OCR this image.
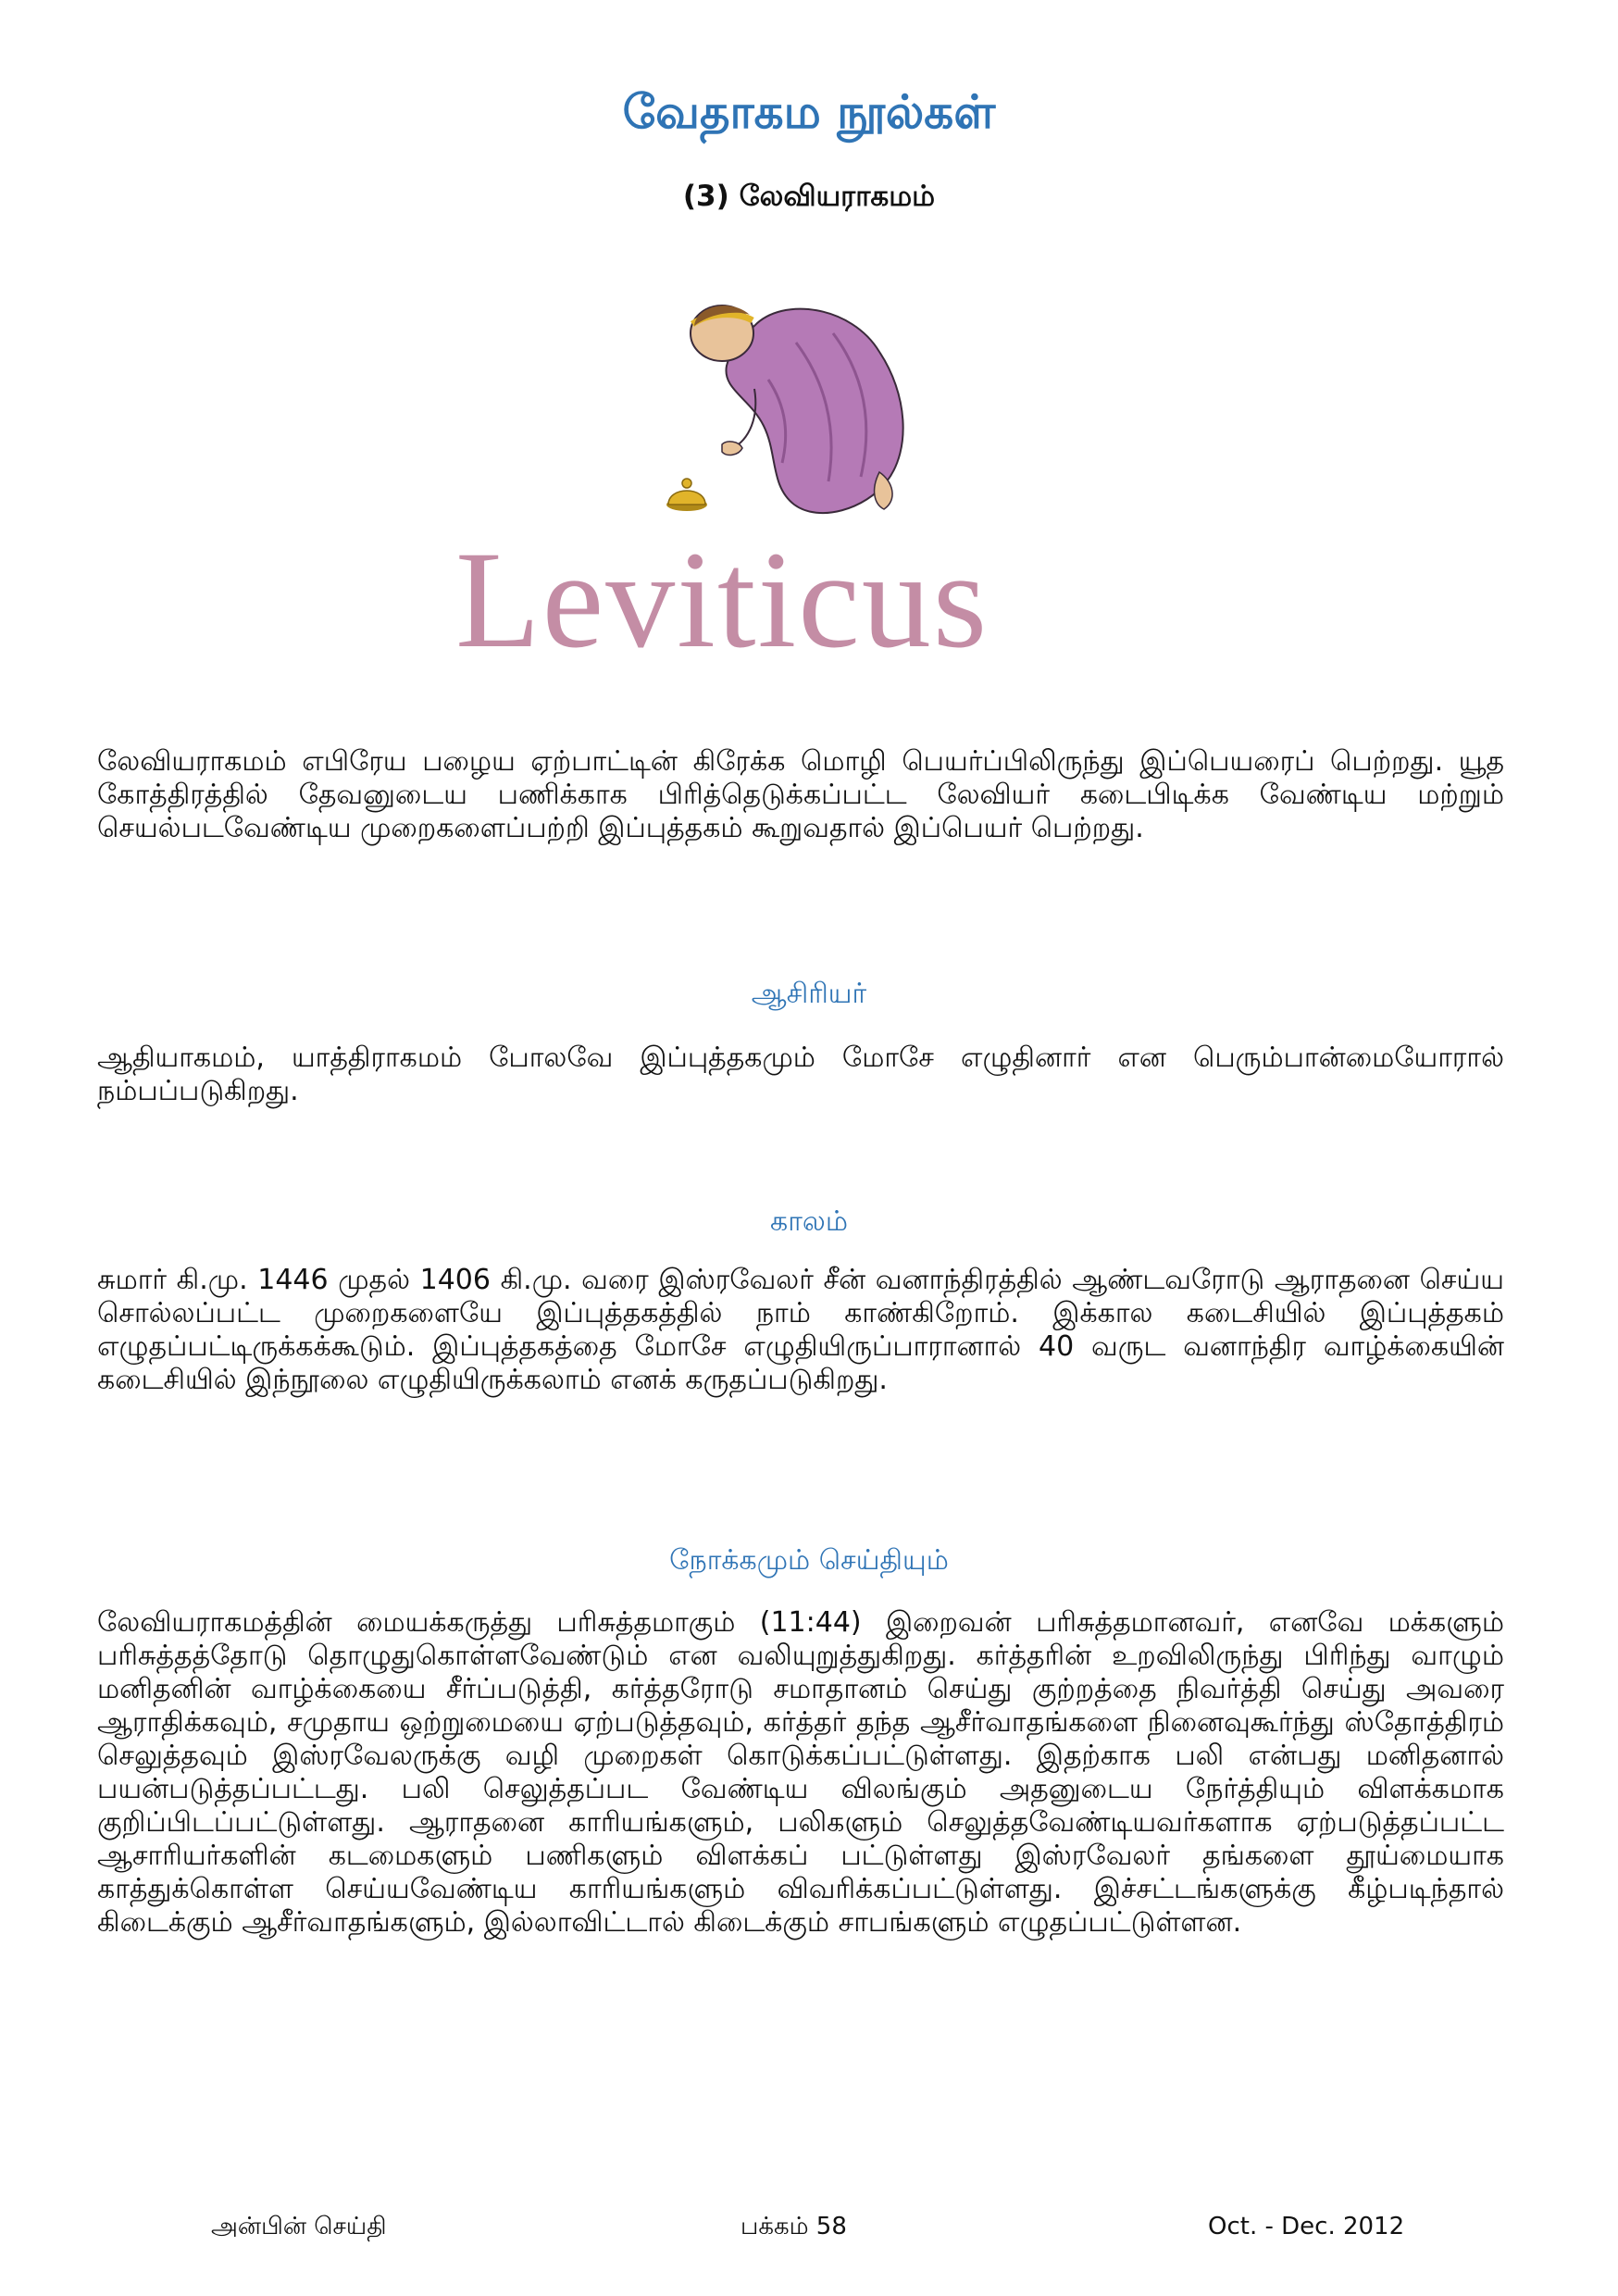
வேதாகம நூல்கள்
(3) லேவியராகமம்
Leviticus
லேவியராகமம் எபிரேய பழைய ஏற்பாட்டின் கிரேக்க மொழி பெயர்ப்பிலிருந்து இப்பெயரைப் பெற்றது. யூத கோத்திரத்தில் தேவனுடைய பணிக்காக பிரித்தெடுக்கப்பட்ட லேவியர் கடைபிடிக்க வேண்டிய மற்றும் செயல்படவேண்டிய முறைகளைப்பற்றி இப்புத்தகம் கூறுவதால் இப்பெயர் பெற்றது.
ஆசிரியர்
ஆதியாகமம், யாத்திராகமம் போலவே இப்புத்தகமும் மோசே எழுதினார் என பெரும்பான்மையோரால் நம்பப்படுகிறது.
காலம்
சுமார் கி.மு. 1446 முதல் 1406 கி.மு. வரை இஸ்ரவேலர் சீன் வனாந்திரத்தில் ஆண்டவரோடு ஆராதனை செய்ய சொல்லப்பட்ட முறைகளையே இப்புத்தகத்தில் நாம் காண்கிறோம். இக்கால கடைசியில் இப்புத்தகம் எழுதப்பட்டிருக்கக்கூடும். இப்புத்தகத்தை மோசே எழுதியிருப்பாரானால் 40 வருட வனாந்திர வாழ்க்கையின் கடைசியில் இந்நூலை எழுதியிருக்கலாம் எனக் கருதப்படுகிறது.
நோக்கமும் செய்தியும்
லேவியராகமத்தின் மையக்கருத்து பரிசுத்தமாகும் (11:44) இறைவன் பரிசுத்தமானவர், எனவே மக்களும் பரிசுத்தத்தோடு தொழுதுகொள்ளவேண்டும் என வலியுறுத்துகிறது. கர்த்தரின் உறவிலிருந்து பிரிந்து வாழும் மனிதனின் வாழ்க்கையை சீர்ப்படுத்தி, கர்த்தரோடு சமாதானம் செய்து குற்றத்தை நிவர்த்தி செய்து அவரை ஆராதிக்கவும், சமுதாய ஒற்றுமையை ஏற்படுத்தவும், கர்த்தர் தந்த ஆசீர்வாதங்களை நினைவுகூர்ந்து ஸ்தோத்திரம் செலுத்தவும் இஸ்ரவேலருக்கு வழி முறைகள் கொடுக்கப்பட்டுள்ளது. இதற்காக பலி என்பது மனிதனால் பயன்படுத்தப்பட்டது. பலி செலுத்தப்பட வேண்டிய விலங்கும் அதனுடைய நேர்த்தியும் விளக்கமாக குறிப்பிடப்பட்டுள்ளது. ஆராதனை காரியங்களும், பலிகளும் செலுத்தவேண்டியவர்களாக ஏற்படுத்தப்பட்ட ஆசாரியர்களின் கடமைகளும் பணிகளும் விளக்கப் பட்டுள்ளது இஸ்ரவேலர் தங்களை தூய்மையாக காத்துக்கொள்ள செய்யவேண்டிய காரியங்களும் விவரிக்கப்பட்டுள்ளது. இச்சட்டங்களுக்கு கீழ்படிந்தால் கிடைக்கும் ஆசீர்வாதங்களும், இல்லாவிட்டால் கிடைக்கும் சாபங்களும் எழுதப்பட்டுள்ளன.
அன்பின் செய்தி	பக்கம் 58	Oct. - Dec. 2012
